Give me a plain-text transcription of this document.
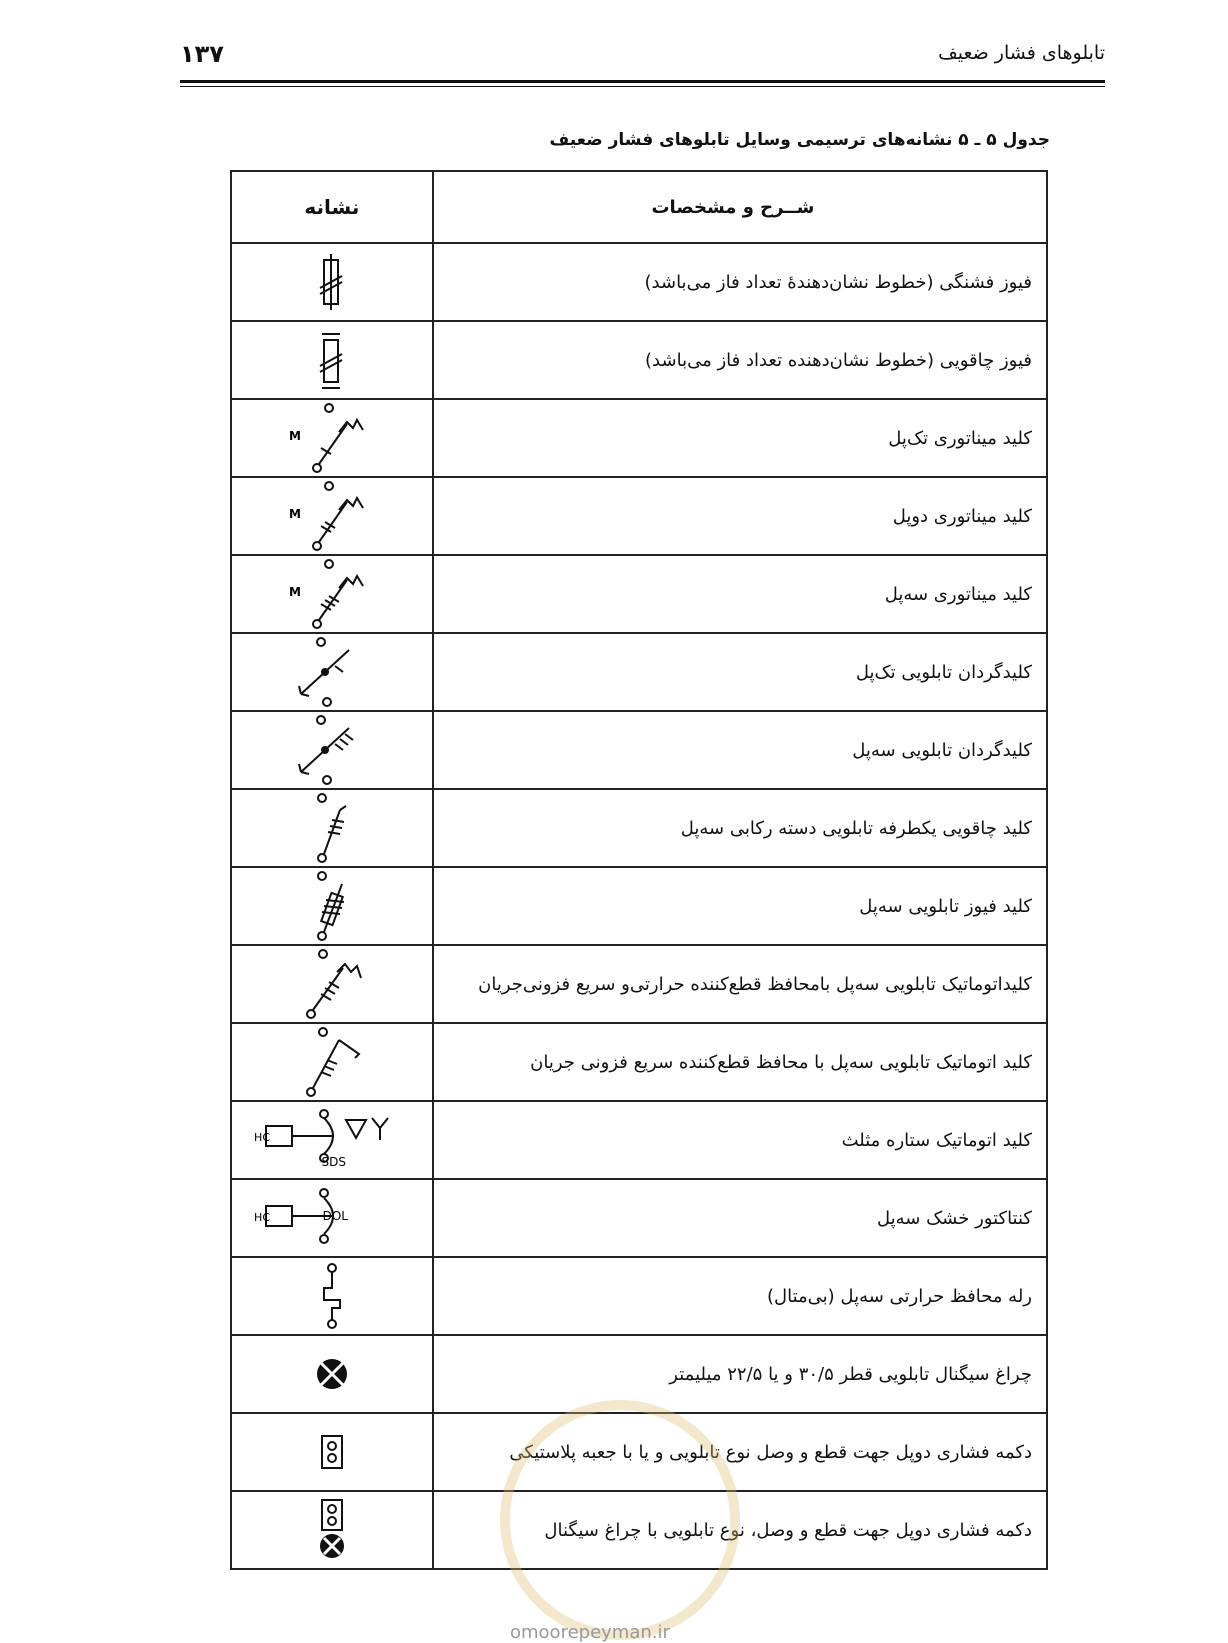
۱۳۷	تابلوهای فشار ضعیف
جدول ۵ ـ ۵ نشانه‌های ترسیمی وسایل تابلوهای فشار ضعیف
شــرح و مشخصات	نشانه
فیوز فشنگی (خطوط نشان‌دهندهٔ تعداد فاز می‌باشد)	

فیوز چاقویی (خطوط نشان‌دهنده تعداد فاز می‌باشد)	

کلید میناتوری تک‌پل	M

کلید میناتوری دوپل	M

کلید میناتوری سه‌پل	M

کلیدگردان تابلویی تک‌پل	

کلیدگردان تابلویی سه‌پل	

کلید چاقویی یکطرفه تابلویی دسته رکابی سه‌پل	

کلید فیوز تابلویی سه‌پل	

کلیداتوماتیک تابلویی سه‌پل بامحافظ قطع‌کننده حرارتی‌و سریع فزونی‌جریان	

کلید اتوماتیک تابلویی سه‌پل با محافظ قطع‌کننده سریع فزونی جریان	

کلید اتوماتیک ستاره مثلث	HC
SDS

کنتاکتور خشک سه‌پل	HC DOL

رله محافظ حرارتی سه‌پل (بی‌متال)	

چراغ سیگنال تابلویی قطر ۳۰/۵ و یا ۲۲/۵ میلیمتر	

دکمه فشاری دوپل جهت قطع و وصل نوع تابلویی و یا با جعبه پلاستیکی	

دکمه فشاری دوپل جهت قطع و وصل، نوع تابلویی با چراغ سیگنال	
omoorepeyman.ir
